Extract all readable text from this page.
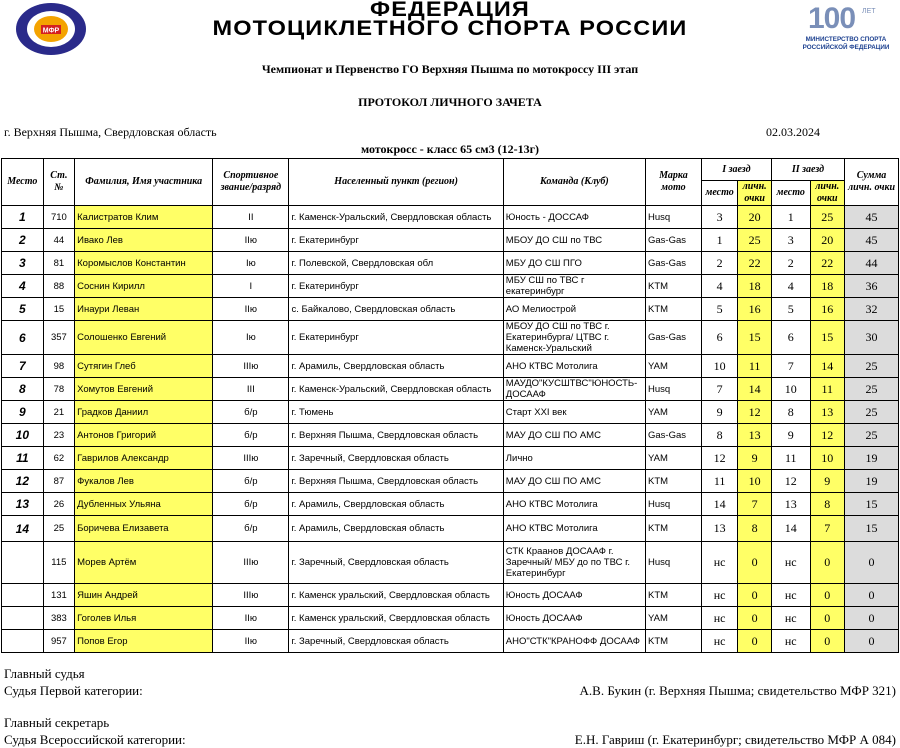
МФР
ФЕДЕРАЦИЯ
МОТОЦИКЛЕТНОГО СПОРТА РОССИИ	100 ЛЕТ
МИНИСТЕРСТВО СПОРТА
РОССИЙСКОЙ ФЕДЕРАЦИИ
Чемпионат и Первенство ГО Верхняя Пышма по мотокроссу III этап
ПРОТОКОЛ ЛИЧНОГО ЗАЧЕТА
г. Верхняя Пышма, Свердловская область	02.03.2024
мотокросс - класс 65 см3 (12-13г)
Место	Ст. №	Фамилия, Имя участника	Спортивное звание/разряд	Населенный пункт (регион)	Команда (Клуб)	Марка мото	I заезд		II заезд		Сумма личн. очки
							место	личн. очки	место	личн. очки	
1	710	Калистратов Клим	II	г. Каменск-Уральский, Свердловская область	Юность - ДОССАФ	Husq	3	20	1	25	45
2	44	Ивако Лев	IIю	г. Екатеринбург	МБОУ ДО СШ по ТВС	Gas-Gas	1	25	3	20	45
3	81	Коромыслов Константин	Iю	г. Полевской, Свердловская обл	МБУ ДО СШ ПГО	Gas-Gas	2	22	2	22	44
4	88	Соснин Кирилл	I	г. Екатеринбург	МБУ СШ по ТВС г екатеринбург	KTM	4	18	4	18	36
5	15	Инаури Леван	IIю	с. Байкалово, Свердловская область	АО Мелиострой	KTM	5	16	5	16	32
6	357	Солошенко Евгений	Iю	г. Екатеринбург	МБОУ ДО СШ по ТВС г. Екатеринбурга/ ЦТВС г. Каменск-Уральский	Gas-Gas	6	15	6	15	30
7	98	Сутягин Глеб	IIIю	г. Арамиль, Свердловская область	АНО КТВС Мотолига	YAM	10	11	7	14	25
8	78	Хомутов Евгений	III	г. Каменск-Уральский, Свердловская область	МАУДО"КУСШТВС"ЮНОСТЬ-ДОСААФ	Husq	7	14	10	11	25
9	21	Градков Даниил	б/р	г. Тюмень	Старт XXI век	YAM	9	12	8	13	25
10	23	Антонов Григорий	б/р	г. Верхняя Пышма, Свердловская область	МАУ ДО СШ ПО АМС	Gas-Gas	8	13	9	12	25
11	62	Гаврилов Александр	IIIю	г. Заречный, Свердловская область	Лично	YAM	12	9	11	10	19
12	87	Фукалов Лев	б/р	г. Верхняя Пышма, Свердловская область	МАУ ДО СШ ПО АМС	KTM	11	10	12	9	19
13	26	Дубленных Ульяна	б/р	г. Арамиль, Свердловская область	АНО КТВС Мотолига	Husq	14	7	13	8	15
14	25	Боричева Елизавета	б/р	г. Арамиль, Свердловская область	АНО КТВС Мотолига	KTM	13	8	14	7	15
	115	Морев Артём	IIIю	г. Заречный, Свердловская область	СТК Краанов ДОСААФ г. Заречный/ МБУ до по ТВС г. Екатеринбург	Husq	нс	0	нс	0	0
	131	Яшин Андрей	IIIю	г. Каменск уральский, Свердловская область	Юность ДОСААФ	KTM	нс	0	нс	0	0
	383	Гоголев Илья	IIю	г. Каменск уральский, Свердловская область	Юность ДОСААФ	YAM	нс	0	нс	0	0
	957	Попов Егор	IIю	г. Заречный, Свердловская область	АНО"СТК"КРАНОФФ ДОСААФ	KTM	нс	0	нс	0	0
Главный судья
Судья Первой категории:	А.В. Букин (г. Верхняя Пышма; свидетельство МФР 321)
Главный секретарь
Судья Всероссийской категории:	Е.Н. Гавриш (г. Екатеринбург; свидетельство МФР А 084)
